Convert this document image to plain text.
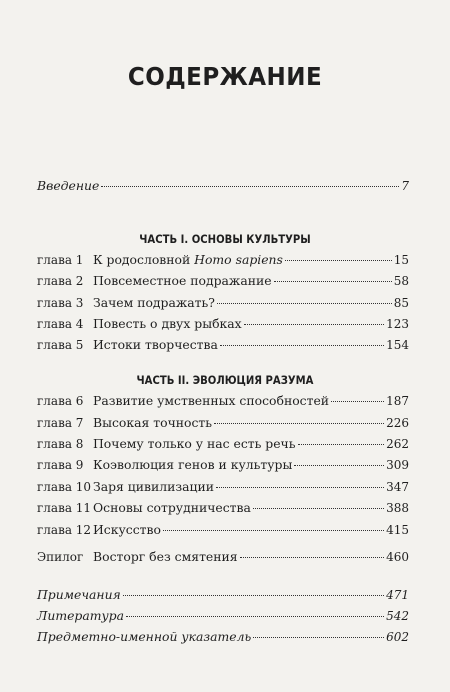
СОДЕРЖАНИЕ
Введение	7
ЧАСТЬ I. ОСНОВЫ КУЛЬТУРЫ
глава 1 К родословной Homo sapiens	15
глава 2 Повсеместное подражание	58
глава 3 Зачем подражать?	85
глава 4 Повесть о двух рыбках	123
глава 5 Истоки творчества	154
ЧАСТЬ II. ЭВОЛЮЦИЯ РАЗУМА
глава 6 Развитие умственных способностей	187
глава 7 Высокая точность	226
глава 8 Почему только у нас есть речь	262
глава 9 Коэволюция генов и культуры	309
глава 10 Заря цивилизации	347
глава 11 Основы сотрудничества	388
глава 12 Искусство	415
Эпилог Восторг без смятения	460
Примечания	471
Литература	542
Предметно-именной указатель	602
